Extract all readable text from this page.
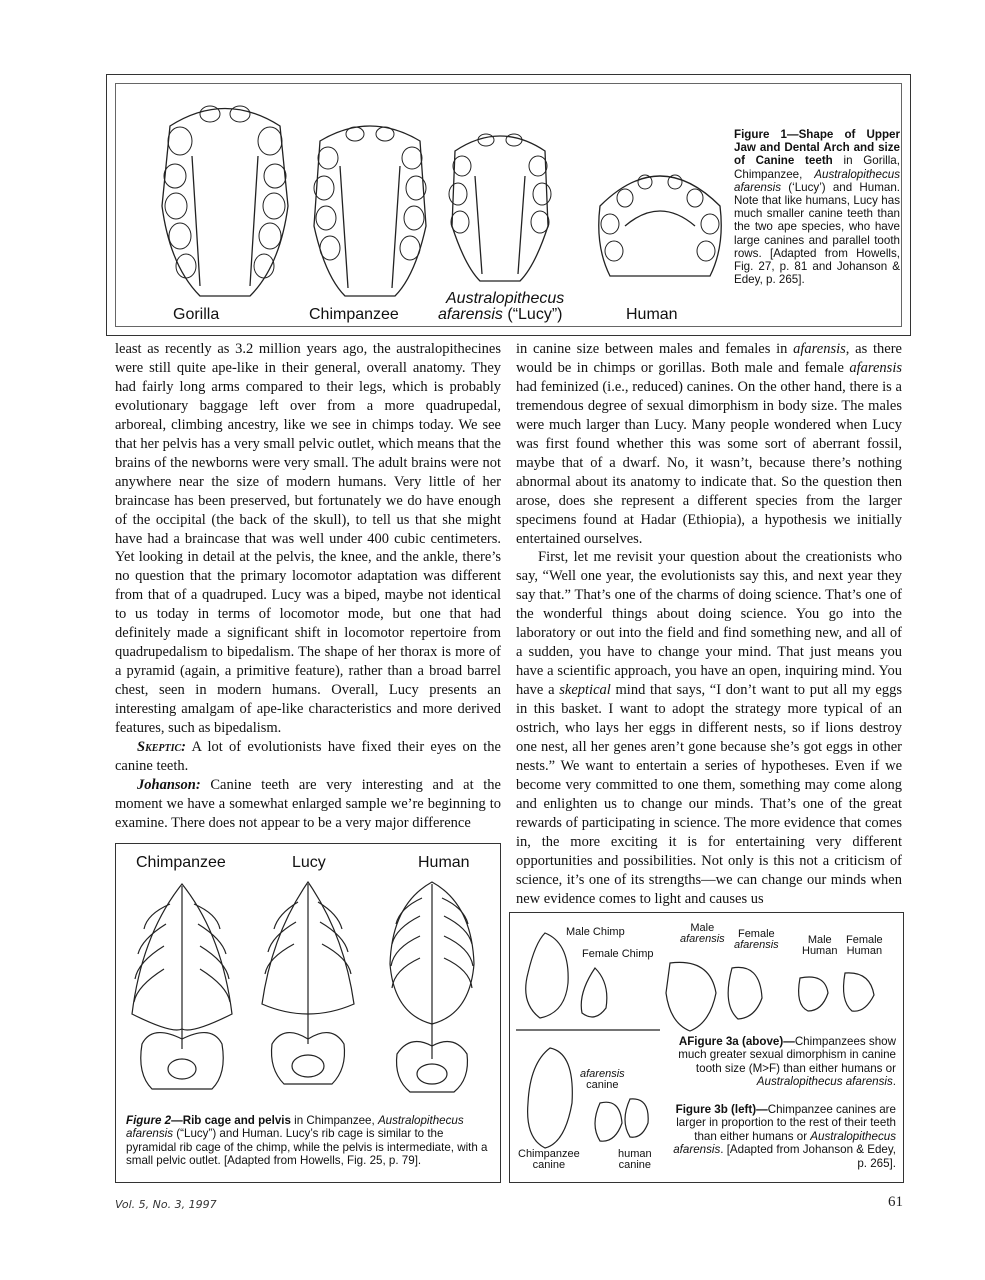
Gorilla	Chimpanzee
Australopithecus
afarensis (“Lucy”)	Human
Figure 1—Shape of Upper Jaw and Dental Arch and size of Canine teeth in Gorilla, Chimpanzee, Australopithecus afarensis (‘Lucy’) and Human. Note that like humans, Lucy has much smaller canine teeth than the two ape species, who have large canines and parallel tooth rows. [Adapted from Howells, Fig. 27, p. 81 and Johanson & Edey, p. 265].

least as recently as 3.2 million years ago, the australopithecines were still quite ape-like in their general, overall anatomy. They had fairly long arms compared to their legs, which is probably evolutionary baggage left over from a more quadrupedal, arboreal, climbing ancestry, like we see in chimps today. We see that her pelvis has a very small pelvic outlet, which means that the brains of the newborns were very small. The adult brains were not anywhere near the size of modern humans. Very little of her braincase has been preserved, but fortunately we do have enough of the occipital (the back of the skull), to tell us that she might have had a braincase that was well under 400 cubic centimeters. Yet looking in detail at the pelvis, the knee, and the ankle, there’s no question that the primary locomotor adaptation was different from that of a quadruped. Lucy was a biped, maybe not identical to us today in terms of locomotor mode, but one that had definitely made a significant shift in locomotor repertoire from quadrupedalism to bipedalism. The shape of her thorax is more of a pyramid (again, a primitive feature), rather than a broad barrel chest, seen in modern humans. Overall, Lucy presents an interesting amalgam of ape-like characteristics and more derived features, such as bipedalism.

Skeptic: A lot of evolutionists have fixed their eyes on the canine teeth.

Johanson: Canine teeth are very interesting and at the moment we have a somewhat enlarged sample we’re beginning to examine. There does not appear to be a very major difference

in canine size between males and females in afarensis, as there would be in chimps or gorillas. Both male and female afarensis had feminized (i.e., reduced) canines. On the other hand, there is a tremendous degree of sexual dimorphism in body size. The males were much larger than Lucy. Many people wondered when Lucy was first found whether this was some sort of aberrant fossil, maybe that of a dwarf. No, it wasn’t, because there’s nothing abnormal about its anatomy to indicate that. So the question then arose, does she represent a different species from the larger specimens found at Hadar (Ethiopia), a hypothesis we initially entertained ourselves.

First, let me revisit your question about the creationists who say, “Well one year, the evolutionists say this, and next year they say that.” That’s one of the charms of doing science. That’s one of the wonderful things about doing science. You go into the laboratory or out into the field and find something new, and all of a sudden, you have to change your mind. That just means you have a scientific approach, you have an open, inquiring mind. You have a skeptical mind that says, “I don’t want to put all my eggs in this basket. I want to adopt the strategy more typical of an ostrich, who lays her eggs in different nests, so if lions destroy one nest, all her genes aren’t gone because she’s got eggs in other nests.” We want to entertain a series of hypotheses. Even if we become very committed to one them, something may come along and enlighten us to change our minds. That’s one of the great rewards of participating in science. The more evidence that comes in, the more exciting it is for entertaining very different opportunities and possibilities. Not only is this not a criticism of science, it’s one of its strengths—we can change our minds when new evidence comes to light and causes us

Chimpanzee	Lucy	Human
Figure 2—Rib cage and pelvis in Chimpanzee, Australopithecus afarensis (“Lucy”) and Human. Lucy’s rib cage is similar to the pyramidal rib cage of the chimp, while the pelvis is intermediate, with a small pelvic outlet. [Adapted from Howells, Fig. 25, p. 79].
Male Chimp
Female Chimp
Male
afarensis	Female
afarensis	Male
Human
Female
Human
afarensis
canine
Chimpanzee
canine
human
canine
AFigure 3a (above)—Chimpanzees show much greater sexual dimorphism in canine tooth size (M>F) than either humans or Australopithecus afarensis.
Figure 3b (left)—Chimpanzee canines are larger in proportion to the rest of their teeth than either humans or Australopithecus afarensis. [Adapted from Johanson & Edey, p. 265].
Vol. 5, No. 3, 1997	61
